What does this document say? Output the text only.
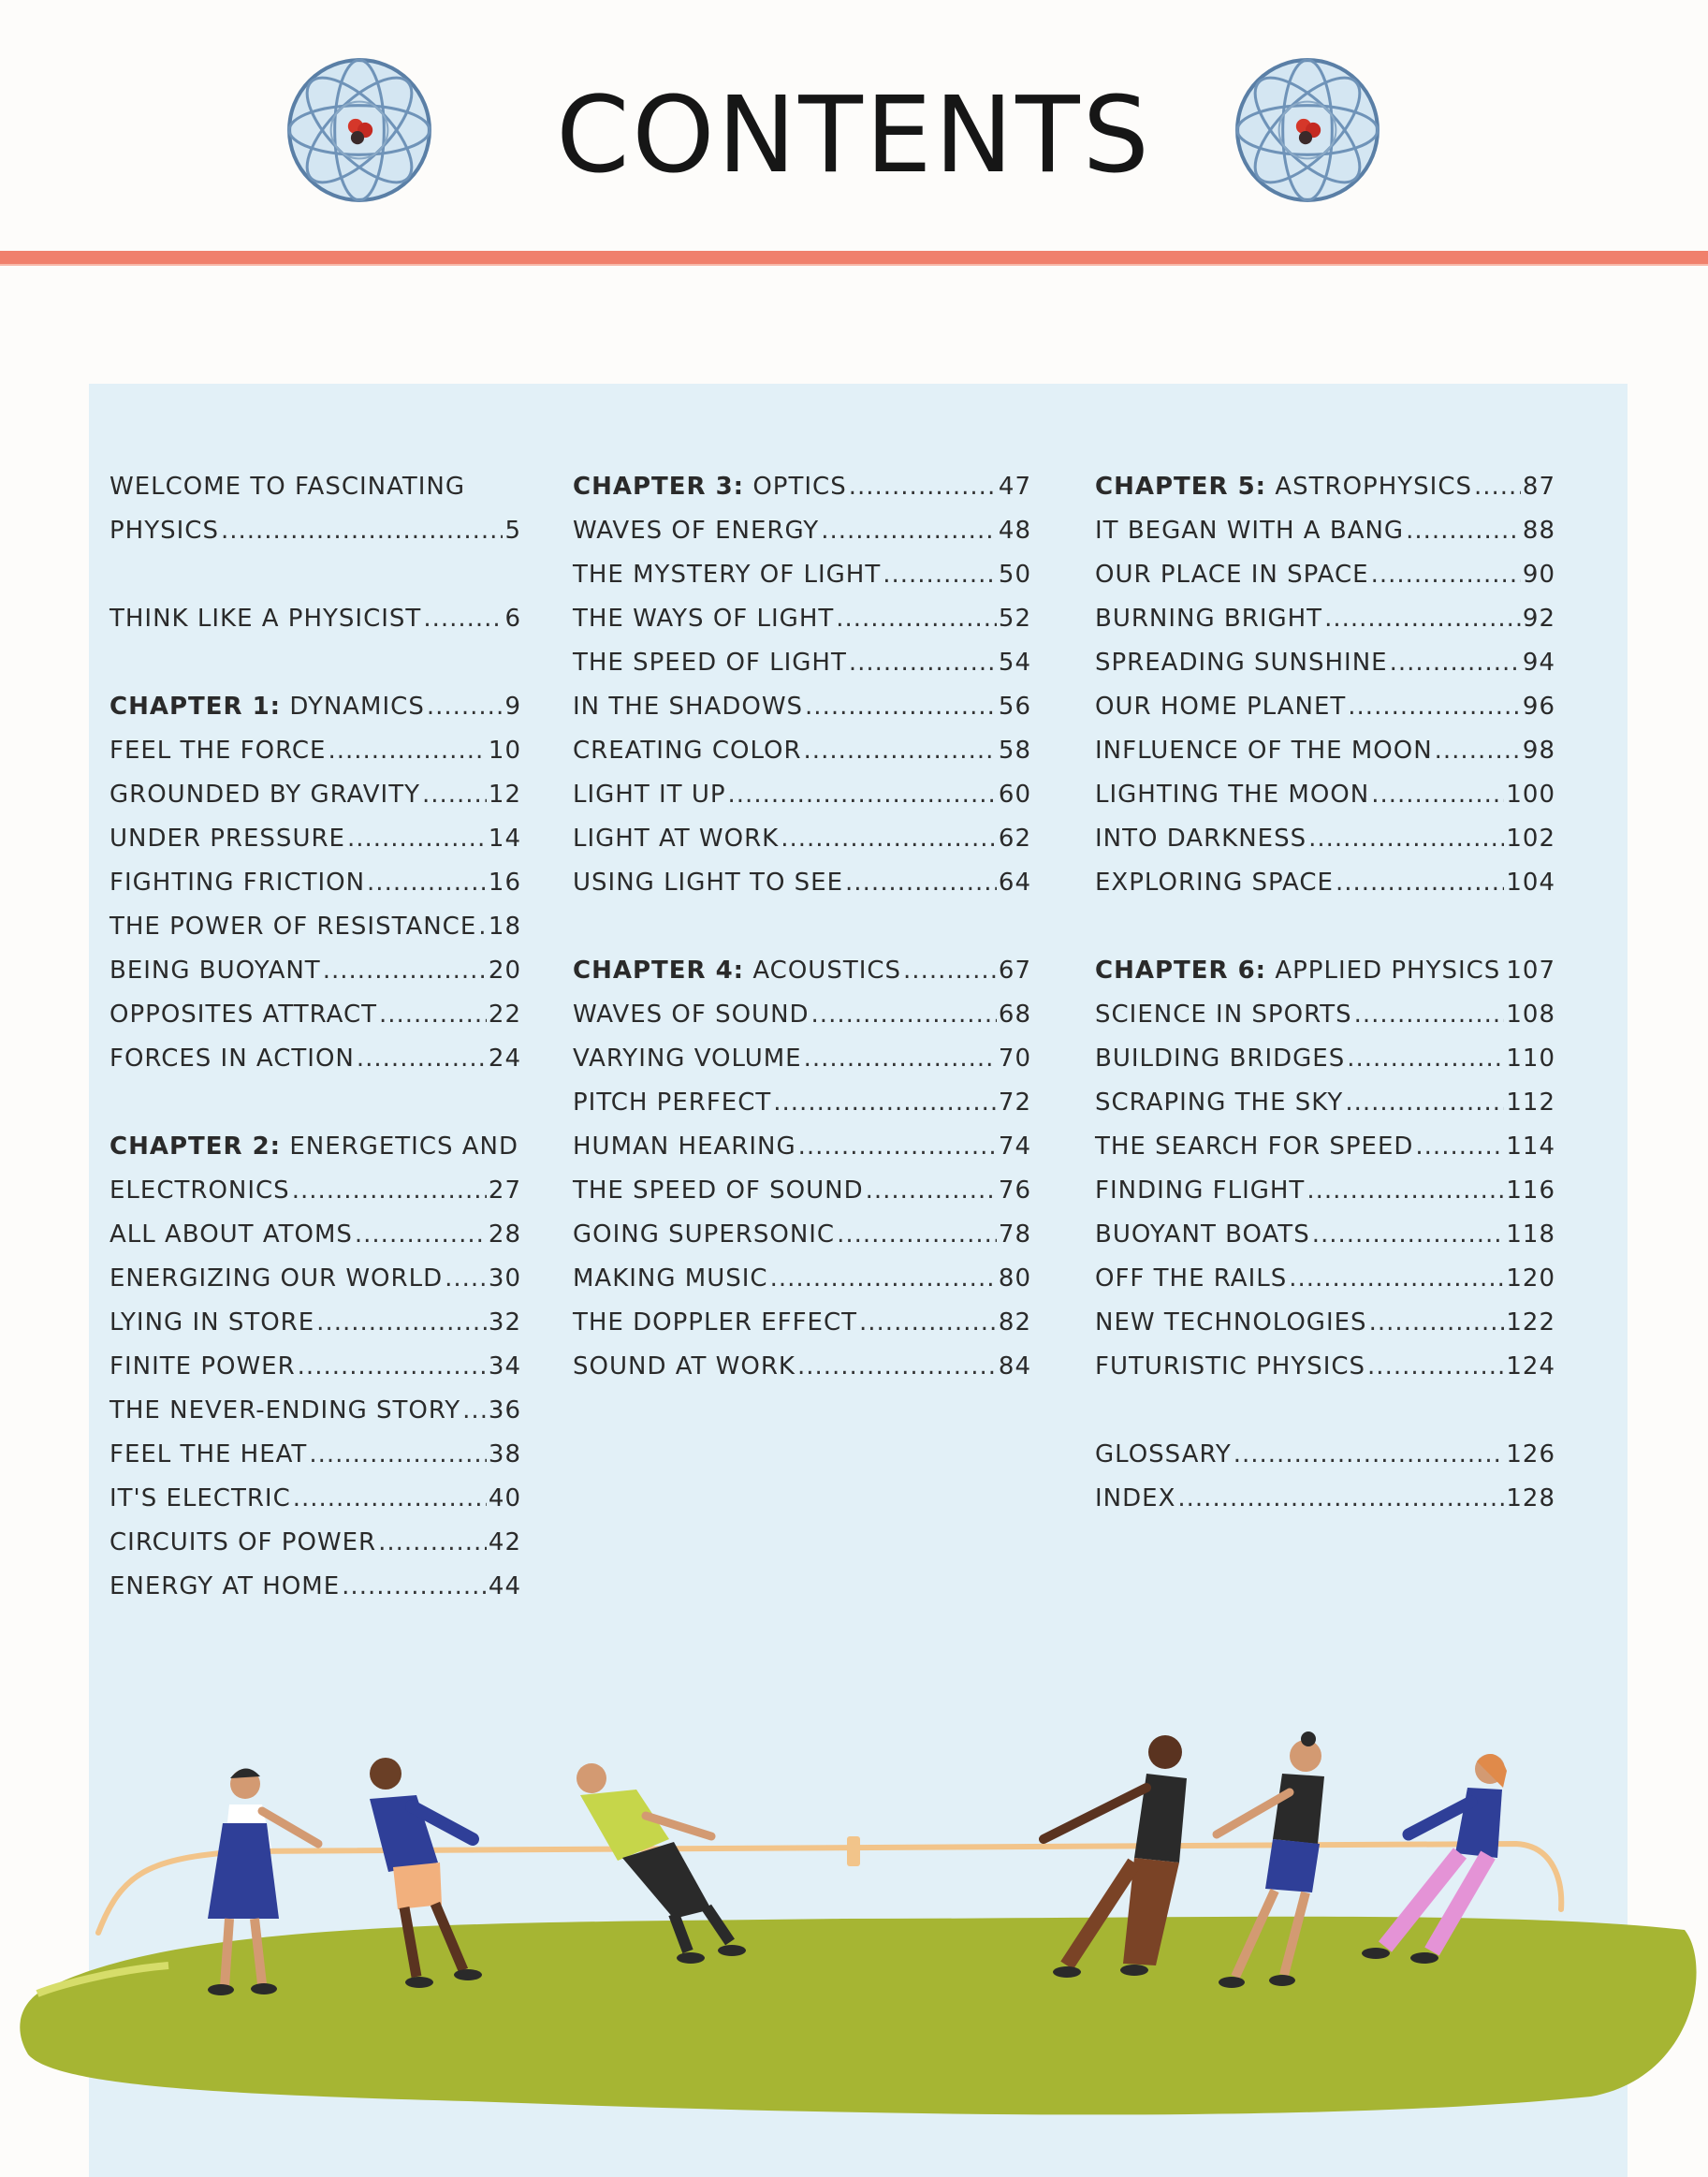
CONTENTS
WELCOME TO FASCINATING
PHYSICS .....	5
THINK LIKE A PHYSICIST .....	6
CHAPTER 1: DYNAMICS .....	9
FEEL THE FORCE .....	10
GROUNDED BY GRAVITY .....	12
UNDER PRESSURE .....	14
FIGHTING FRICTION .....	16
THE POWER OF RESISTANCE ..... 18
BEING BUOYANT .....	20
OPPOSITES ATTRACT .....	22
FORCES IN ACTION .....	24
CHAPTER 2: ENERGETICS AND
ELECTRONICS .....	27
ALL ABOUT ATOMS .....	28
ENERGIZING OUR WORLD ..... 30
LYING IN STORE .....	32
FINITE POWER .....	34
THE NEVER-ENDING STORY ..... 36
FEEL THE HEAT .....	38
IT'S ELECTRIC .....	40
CIRCUITS OF POWER .....	42
ENERGY AT HOME .....	44
CHAPTER 3: OPTICS .....	47
WAVES OF ENERGY .....	48
THE MYSTERY OF LIGHT .....	50
THE WAYS OF LIGHT .....	52
THE SPEED OF LIGHT .....	54
IN THE SHADOWS .....	56
CREATING COLOR .....	58
LIGHT IT UP .....	60
LIGHT AT WORK .....	62
USING LIGHT TO SEE .....	64
CHAPTER 4: ACOUSTICS .....	67
WAVES OF SOUND .....	68
VARYING VOLUME .....	70
PITCH PERFECT .....	72
HUMAN HEARING .....	74
THE SPEED OF SOUND .....	76
GOING SUPERSONIC .....	78
MAKING MUSIC .....	80
THE DOPPLER EFFECT .....	82
SOUND AT WORK .....	84
CHAPTER 5: ASTROPHYSICS ..... 87
IT BEGAN WITH A BANG .....	88
OUR PLACE IN SPACE .....	90
BURNING BRIGHT .....	92
SPREADING SUNSHINE .....	94
OUR HOME PLANET .....	96
INFLUENCE OF THE MOON .....	98
LIGHTING THE MOON .....	100
INTO DARKNESS .....	102
EXPLORING SPACE .....	104
CHAPTER 6: APPLIED PHYSICS ..... 107
SCIENCE IN SPORTS .....	108
BUILDING BRIDGES .....	110
SCRAPING THE SKY .....	112
THE SEARCH FOR SPEED .....	114
FINDING FLIGHT .....	116
BUOYANT BOATS .....	118
OFF THE RAILS .....	120
NEW TECHNOLOGIES .....	122
FUTURISTIC PHYSICS .....	124
GLOSSARY .....	126
INDEX .....	128
